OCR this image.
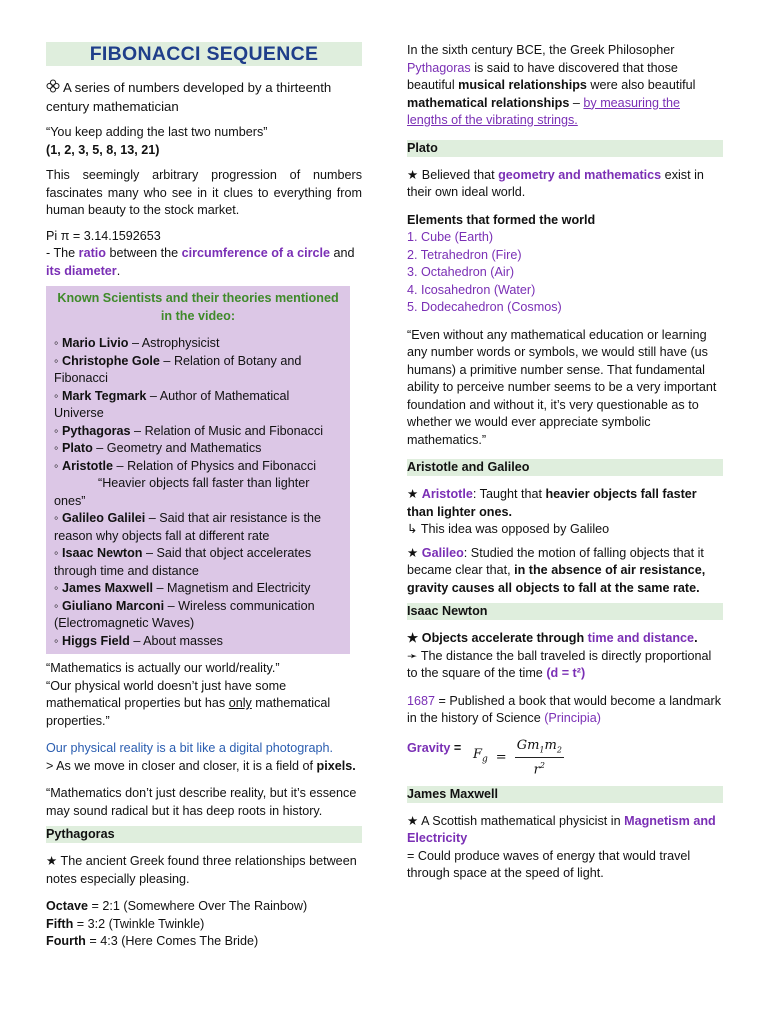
FIBONACCI SEQUENCE

A series of numbers developed by a thirteenth century mathematician

“You keep adding the last two numbers”

(1, 2, 3, 5, 8, 13, 21)

This seemingly arbitrary progression of numbers fascinates many who see in it clues to everything from human beauty to the stock market.

Pi π = 3.14.1592653

- The ratio between the circumference of a circle and its diameter.

Known Scientists and their theories mentioned in the video:

◦ Mario Livio – Astrophysicist

◦ Christophe Gole – Relation of Botany and Fibonacci

◦ Mark Tegmark – Author of Mathematical Universe

◦ Pythagoras – Relation of Music and Fibonacci

◦ Plato – Geometry and Mathematics

◦ Aristotle – Relation of Physics and Fibonacci

“Heavier objects fall faster than lighter ones”

◦ Galileo Galilei – Said that air resistance is the reason why objects fall at different rate

◦ Isaac Newton – Said that object accelerates through time and distance

◦ James Maxwell – Magnetism and Electricity

◦ Giuliano Marconi – Wireless communication (Electromagnetic Waves)

◦ Higgs Field – About masses

“Mathematics is actually our world/reality.”

“Our physical world doesn’t just have some mathematical properties but has only mathematical properties.”

Our physical reality is a bit like a digital photograph.

> As we move in closer and closer, it is a field of pixels.

“Mathematics don’t just describe reality, but it’s essence may sound radical but it has deep roots in history.

Pythagoras

★ The ancient Greek found three relationships between notes especially pleasing.

Octave = 2:1 (Somewhere Over The Rainbow)

Fifth = 3:2 (Twinkle Twinkle)

Fourth = 4:3 (Here Comes The Bride)

In the sixth century BCE, the Greek Philosopher Pythagoras is said to have discovered that those beautiful musical relationships were also beautiful mathematical relationships – by measuring the lengths of the vibrating strings.

Plato

★ Believed that geometry and mathematics exist in their own ideal world.

Elements that formed the world

1. Cube (Earth)
2. Tetrahedron (Fire)
3. Octahedron (Air)
4. Icosahedron (Water)
5. Dodecahedron (Cosmos)

“Even without any mathematical education or learning any number words or symbols, we would still have (us humans) a primitive number sense. That fundamental ability to perceive number seems to be a very important foundation and without it, it’s very questionable as to whether we would ever appreciate symbolic mathematics.”

Aristotle and Galileo

★ Aristotle: Taught that heavier objects fall faster than lighter ones.

↳ This idea was opposed by Galileo

★ Galileo: Studied the motion of falling objects that it became clear that, in the absence of air resistance, gravity causes all objects to fall at the same rate.

Isaac Newton

★ Objects accelerate through time and distance.

➛ The distance the ball traveled is directly proportional to the square of the time (d = t²)

1687 = Published a book that would become a landmark in the history of Science (Principia)

Gravity = $F_g = \frac{Gm_1m_2}{r^2}$
James Maxwell

★ A Scottish mathematical physicist in Magnetism and Electricity

= Could produce waves of energy that would travel through space at the speed of light.
